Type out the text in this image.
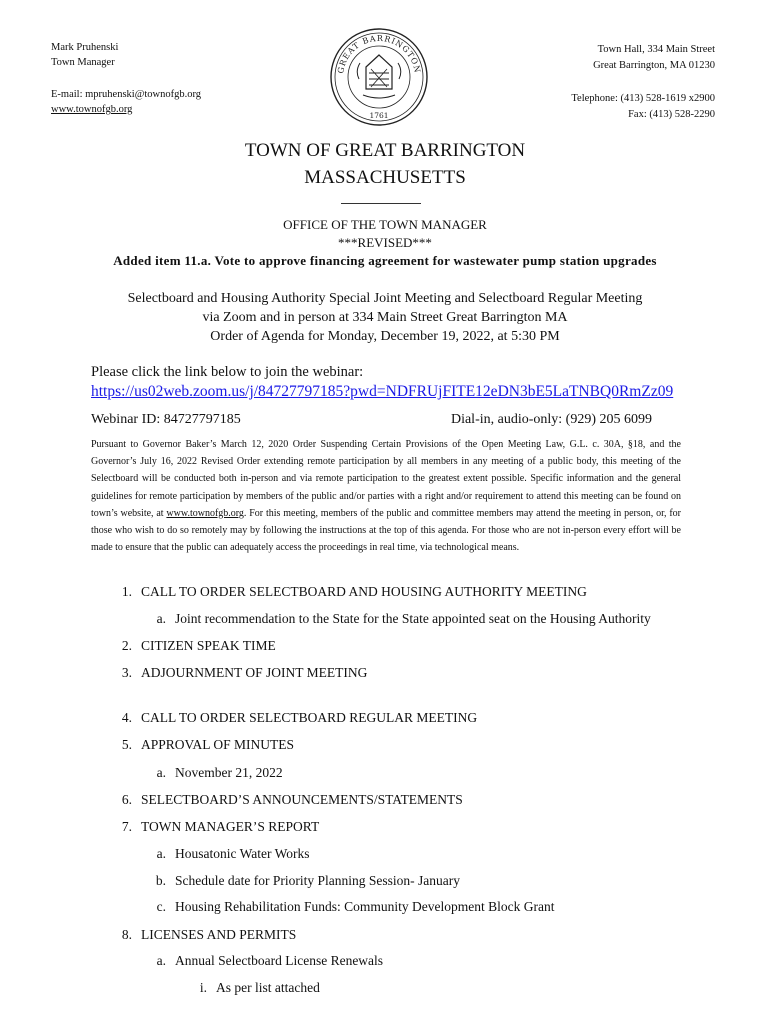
Mark Pruhenski
Town Manager
E-mail: mpruhenski@townofgb.org
www.townofgb.org
GREAT BARRINGTON
1761
Town Hall, 334 Main Street
Great Barrington, MA 01230
Telephone: (413) 528-1619 x2900
Fax: (413) 528-2290
TOWN OF GREAT BARRINGTON
MASSACHUSETTS
OFFICE OF THE TOWN MANAGER
***REVISED***
Added item 11.a. Vote to approve financing agreement for wastewater pump station upgrades
Selectboard and Housing Authority Special Joint Meeting and Selectboard Regular Meeting
via Zoom and in person at 334 Main Street Great Barrington MA
Order of Agenda for Monday, December 19, 2022, at 5:30 PM
Please click the link below to join the webinar:
https://us02web.zoom.us/j/84727797185?pwd=NDFRUjFITE12eDN3bE5LaTNBQ0RmZz09
Webinar ID: 84727797185	Dial-in, audio-only: (929) 205 6099
Pursuant to Governor Baker’s March 12, 2020 Order Suspending Certain Provisions of the Open Meeting Law, G.L. c. 30A, §18, and the Governor’s July 16, 2022 Revised Order extending remote participation by all members in any meeting of a public body, this meeting of the Selectboard will be conducted both in-person and via remote participation to the greatest extent possible. Specific information and the general guidelines for remote participation by members of the public and/or parties with a right and/or requirement to attend this meeting can be found on town’s website, at www.townofgb.org. For this meeting, members of the public and committee members may attend the meeting in person, or, for those who wish to do so remotely may by following the instructions at the top of this agenda. For those who are not in-person every effort will be made to ensure that the public can adequately access the proceedings in real time, via technological means.
1. CALL TO ORDER SELECTBOARD AND HOUSING AUTHORITY MEETING
a. Joint recommendation to the State for the State appointed seat on the Housing Authority
2. CITIZEN SPEAK TIME
3. ADJOURNMENT OF JOINT MEETING
4. CALL TO ORDER SELECTBOARD REGULAR MEETING
5. APPROVAL OF MINUTES
a. November 21, 2022
6. SELECTBOARD’S ANNOUNCEMENTS/STATEMENTS
7. TOWN MANAGER’S REPORT
a. Housatonic Water Works
b. Schedule date for Priority Planning Session- January
c. Housing Rehabilitation Funds: Community Development Block Grant
8. LICENSES AND PERMITS
a. Annual Selectboard License Renewals
i. As per list attached
